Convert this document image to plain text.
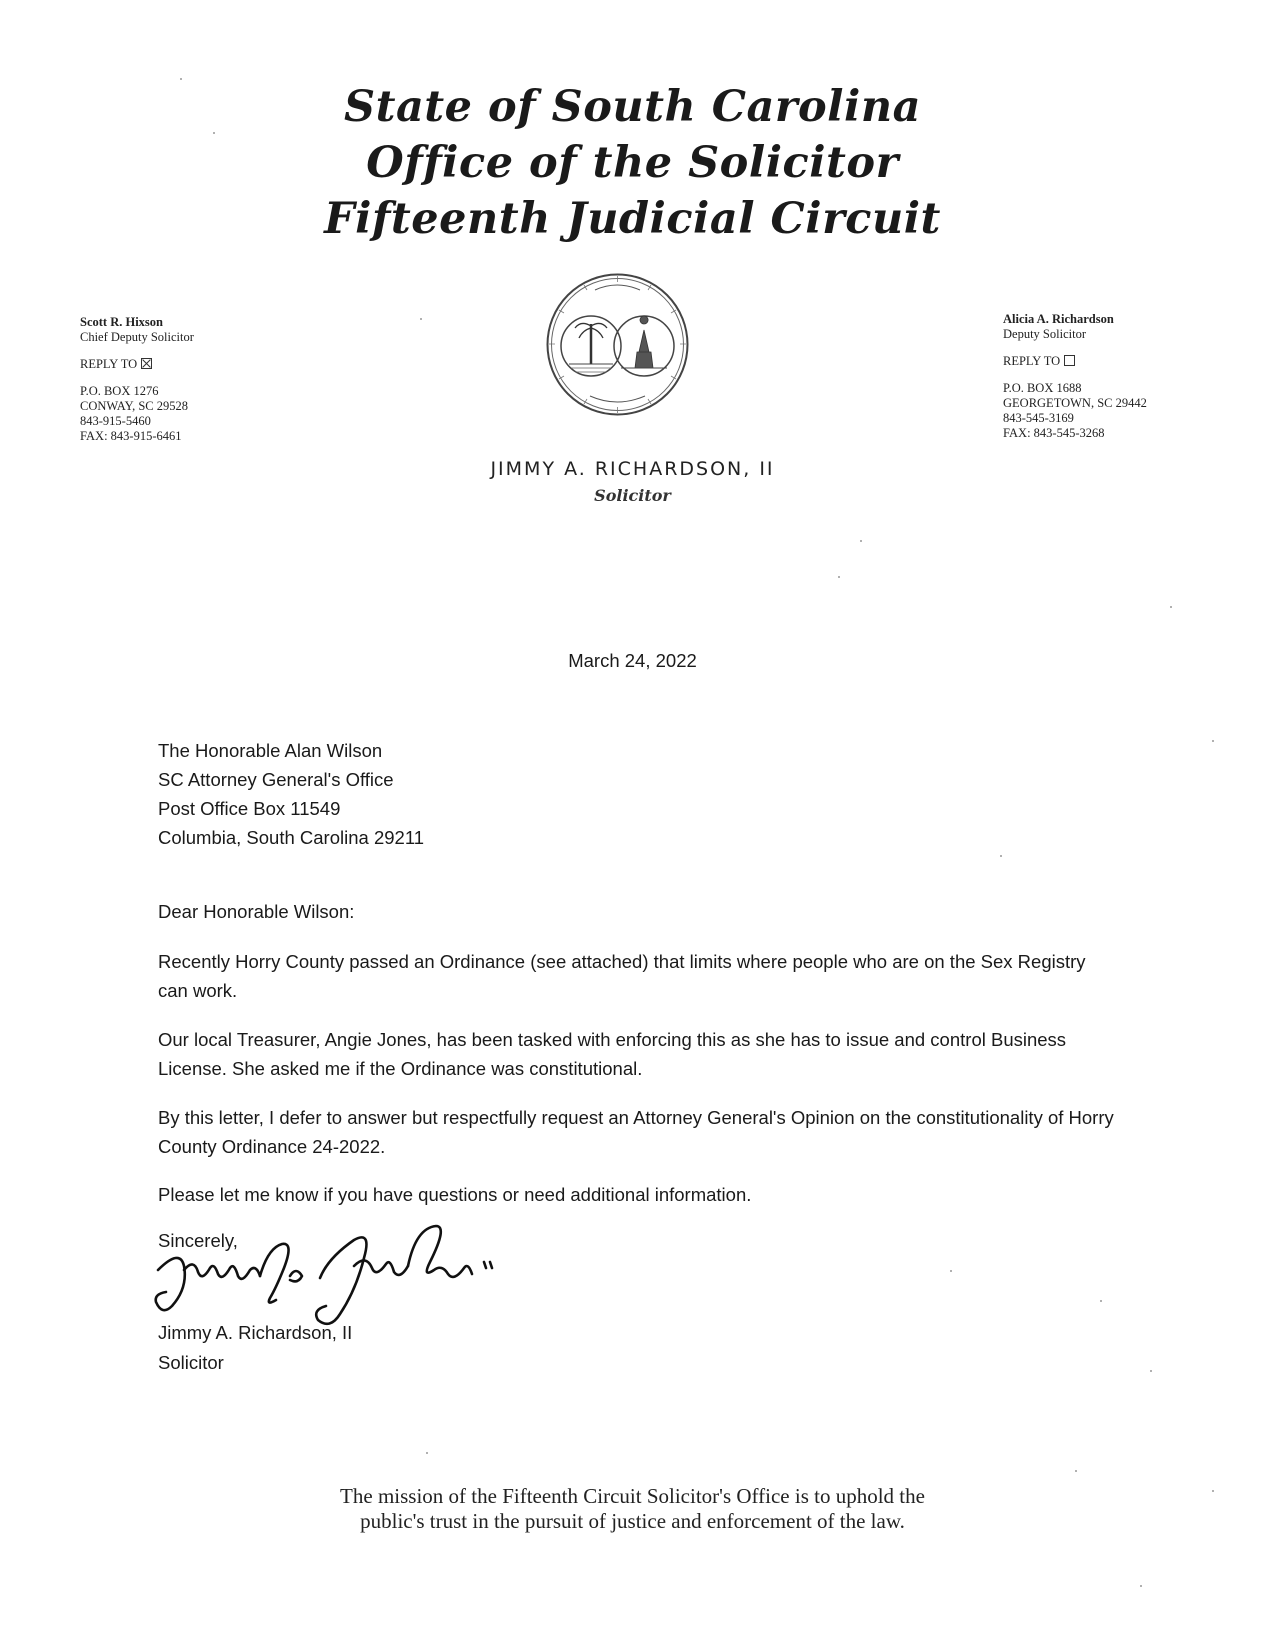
State of South Carolina
Office of the Solicitor
Fifteenth Judicial Circuit
Scott R. Hixson
Chief Deputy Solicitor
REPLY TO
P.O. BOX 1276
CONWAY, SC 29528
843-915-5460
FAX: 843-915-6461
Alicia A. Richardson
Deputy Solicitor
REPLY TO
P.O. BOX 1688
GEORGETOWN, SC 29442
843-545-3169
FAX: 843-545-3268
JIMMY A. RICHARDSON, II
Solicitor
March 24, 2022
The Honorable Alan Wilson
SC Attorney General's Office
Post Office Box 11549
Columbia, South Carolina 29211
Dear Honorable Wilson:
Recently Horry County passed an Ordinance (see attached) that limits where people who are on the Sex Registry can work.
Our local Treasurer, Angie Jones, has been tasked with enforcing this as she has to issue and control Business License. She asked me if the Ordinance was constitutional.
By this letter, I defer to answer but respectfully request an Attorney General's Opinion on the constitutionality of Horry County Ordinance 24-2022.
Please let me know if you have questions or need additional information.
Sincerely,
Jimmy A. Richardson, II
Solicitor
The mission of the Fifteenth Circuit Solicitor's Office is to uphold the
public's trust in the pursuit of justice and enforcement of the law.
